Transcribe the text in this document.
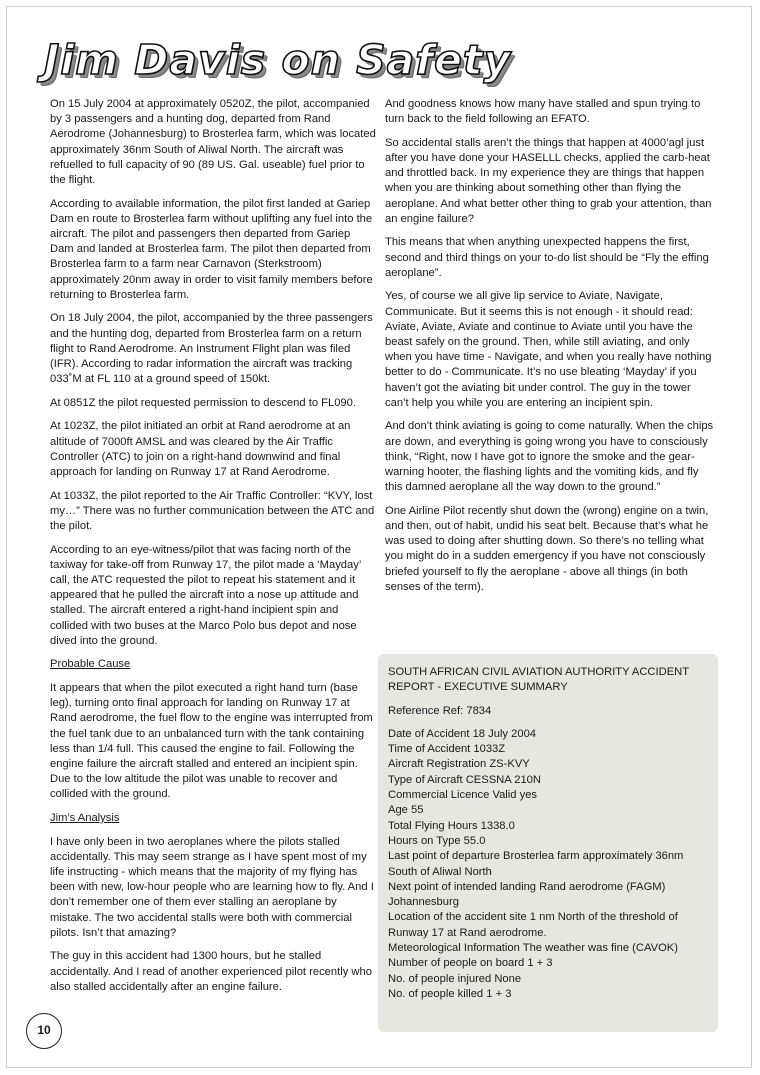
Jim Davis on Safety

On 15 July 2004 at approximately 0520Z, the pilot, accompanied by 3 passengers and a hunting dog, departed from Rand Aerodrome (Johannesburg) to Brosterlea farm, which was located approximately 36nm South of Aliwal North. The aircraft was refuelled to full capacity of 90 (89 US. Gal. useable) fuel prior to the flight.

According to available information, the pilot first landed at Gariep Dam en route to Brosterlea farm without uplifting any fuel into the aircraft. The pilot and passengers then departed from Gariep Dam and landed at Brosterlea farm. The pilot then departed from Brosterlea farm to a farm near Carnavon (Sterkstroom) approximately 20nm away in order to visit family members before returning to Brosterlea farm.

On 18 July 2004, the pilot, accompanied by the three passengers and the hunting dog, departed from Brosterlea farm on a return flight to Rand Aerodrome. An Instrument Flight plan was filed (IFR). According to radar information the aircraft was tracking 033˚M at FL 110 at a ground speed of 150kt.

At 0851Z the pilot requested permission to descend to FL090.

At 1023Z, the pilot initiated an orbit at Rand aerodrome at an altitude of 7000ft AMSL and was cleared by the Air Traffic Controller (ATC) to join on a right-hand downwind and final approach for landing on Runway 17 at Rand Aerodrome.

At 1033Z, the pilot reported to the Air Traffic Controller: “KVY, lost my…” There was no further communication between the ATC and the pilot.

According to an eye-witness/pilot that was facing north of the taxiway for take-off from Runway 17, the pilot made a ‘Mayday’ call, the ATC requested the pilot to repeat his statement and it appeared that he pulled the aircraft into a nose up attitude and stalled. The aircraft entered a right-hand incipient spin and collided with two buses at the Marco Polo bus depot and nose dived into the ground.

Probable Cause

It appears that when the pilot executed a right hand turn (base leg), turning onto final approach for landing on Runway 17 at Rand aerodrome, the fuel flow to the engine was interrupted from the fuel tank due to an unbalanced turn with the tank containing less than 1/4 full. This caused the engine to fail. Following the engine failure the aircraft stalled and entered an incipient spin. Due to the low altitude the pilot was unable to recover and collided with the ground.

Jim’s Analysis

I have only been in two aeroplanes where the pilots stalled accidentally. This may seem strange as I have spent most of my life instructing - which means that the majority of my flying has been with new, low-hour people who are learning how to fly. And I don’t remember one of them ever stalling an aeroplane by mistake. The two accidental stalls were both with commercial pilots. Isn’t that amazing?

The guy in this accident had 1300 hours, but he stalled accidentally. And I read of another experienced pilot recently who also stalled accidentally after an engine failure.

And goodness knows how many have stalled and spun trying to turn back to the field following an EFATO.

So accidental stalls aren’t the things that happen at 4000’agl just after you have done your HASELLL checks, applied the carb-heat and throttled back. In my experience they are things that happen when you are thinking about something other than flying the aeroplane. And what better other thing to grab your attention, than an engine failure?

This means that when anything unexpected happens the first, second and third things on your to-do list should be “Fly the effing aeroplane”.

Yes, of course we all give lip service to Aviate, Navigate, Communicate. But it seems this is not enough - it should read: Aviate, Aviate, Aviate and continue to Aviate until you have the beast safely on the ground. Then, while still aviating, and only when you have time - Navigate, and when you really have nothing better to do - Communicate. It’s no use bleating ‘Mayday’ if you haven’t got the aviating bit under control. The guy in the tower can’t help you while you are entering an incipient spin.

And don’t think aviating is going to come naturally. When the chips are down, and everything is going wrong you have to consciously think, “Right, now I have got to ignore the smoke and the gear-warning hooter, the flashing lights and the vomiting kids, and fly this damned aeroplane all the way down to the ground.”

One Airline Pilot recently shut down the (wrong) engine on a twin, and then, out of habit, undid his seat belt. Because that’s what he was used to doing after shutting down. So there’s no telling what you might do in a sudden emergency if you have not consciously briefed yourself to fly the aeroplane - above all things (in both senses of the term).

SOUTH AFRICAN CIVIL AVIATION AUTHORITY ACCIDENT REPORT - EXECUTIVE SUMMARY

Reference Ref: 7834

Date of Accident 18 July 2004

Time of Accident 1033Z

Aircraft Registration ZS-KVY

Type of Aircraft CESSNA 210N

Commercial Licence Valid yes

Age 55

Total Flying Hours 1338.0

Hours on Type 55.0

Last point of departure Brosterlea farm approximately 36nm South of Aliwal North

Next point of intended landing Rand aerodrome (FAGM) Johannesburg

Location of the accident site 1 nm North of the threshold of Runway 17 at Rand aerodrome.

Meteorological Information The weather was fine (CAVOK)

Number of people on board 1 + 3

No. of people injured None

No. of people killed 1 + 3

10
